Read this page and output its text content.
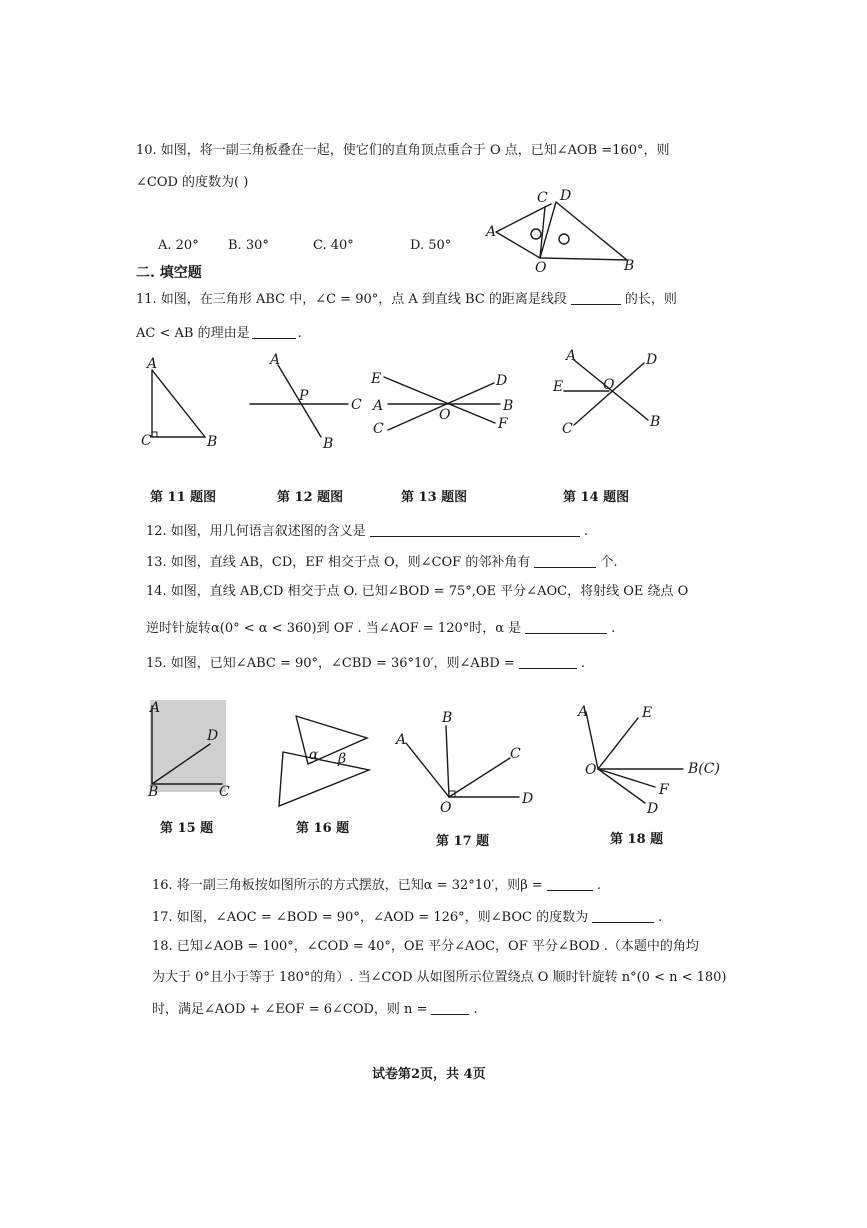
10. 如图，将一副三角板叠在一起，使它们的直角顶点重合于 O 点，已知∠AOB =160°，则
∠COD 的度数为( )
A. 20° B. 30°	C. 40°	D. 50°
二. 填空题
11. 如图，在三角形 ABC 中，∠C = 90°，点 A 到直线 BC 的距离是线段	的长，则
AC < AB 的理由是	.
第 11 题图	第 12 题图	第 13 题图	第 14 题图
12. 如图，用几何语言叙述图的含义是	.
13. 如图，直线 AB，CD，EF 相交于点 O，则∠COF 的邻补角有	个.
14. 如图，直线 AB,CD 相交于点 O. 已知∠BOD = 75°,OE 平分∠AOC，将射线 OE 绕点 O
逆时针旋转α(0° < α < 360)到 OF . 当∠AOF = 120°时，α 是	.
15. 如图，已知∠ABC = 90°，∠CBD = 36°10′，则∠ABD =	.
第 15 题	第 16 题
第 17 题	第 18 题
16. 将一副三角板按如图所示的方式摆放，已知α = 32°10′，则β =	.
17. 如图，∠AOC = ∠BOD = 90°，∠AOD = 126°，则∠BOC 的度数为	.
18. 已知∠AOB = 100°，∠COD = 40°，OE 平分∠AOC，OF 平分∠BOD .（本题中的角均
为大于 0°且小于等于 180°的角）. 当∠COD 从如图所示位置绕点 O 顺时针旋转 n°(0 < n < 180)
时，满足∠AOD + ∠EOF = 6∠COD，则 n =	.
试卷第2页，共 4页
C D
A
O	B
A
C	B
A
P
C
B
E	D
A
O
B
C	F
A	D
E	O
C	B
A
D
B	C
α β
B
A
C
O
D
A	E
O	B(C)
F
D
